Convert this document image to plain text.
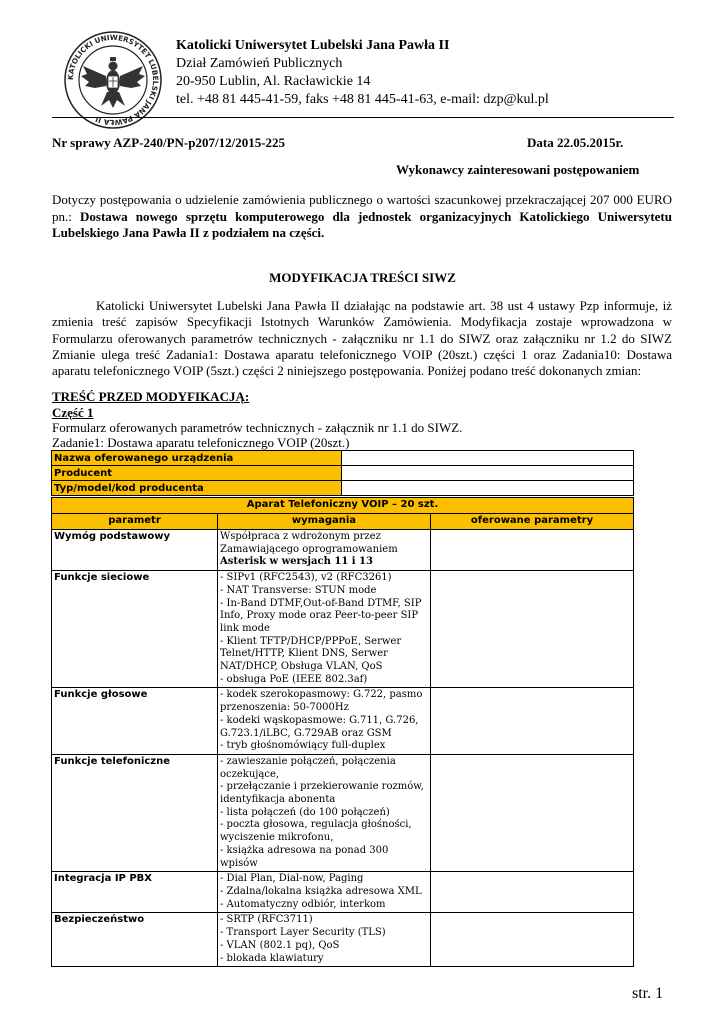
KATOLICKI UNIWERSYTET LUBELSKI JANA PAWŁA II
Katolicki Uniwersytet Lubelski Jana Pawła II
Dział Zamówień Publicznych
20-950 Lublin, Al. Racławickie 14
tel. +48 81 445-41-59, faks +48 81 445-41-63, e-mail: dzp@kul.pl
Nr sprawy AZP-240/PN-p207/12/2015-225	Data 22.05.2015r.
Wykonawcy zainteresowani postępowaniem
Dotyczy postępowania o udzielenie zamówienia publicznego o wartości szacunkowej przekraczającej 207 000 EURO pn.: Dostawa nowego sprzętu komputerowego dla jednostek organizacyjnych Katolickiego Uniwersytetu Lubelskiego Jana Pawła II z podziałem na części.
MODYFIKACJA TREŚCI SIWZ
Katolicki Uniwersytet Lubelski Jana Pawła II działając na podstawie art. 38 ust 4 ustawy Pzp informuje, iż zmienia treść zapisów Specyfikacji Istotnych Warunków Zamówienia. Modyfikacja zostaje wprowadzona w Formularzu oferowanych parametrów technicznych - załączniku nr 1.1 do SIWZ oraz załączniku nr 1.2 do SIWZ Zmianie ulega treść Zadania1: Dostawa aparatu telefonicznego VOIP (20szt.) części 1 oraz Zadania10: Dostawa aparatu telefonicznego VOIP (5szt.) części 2 niniejszego postępowania. Poniżej podano treść dokonanych zmian:
TREŚĆ PRZED MODYFIKACJĄ:
Część 1
Formularz oferowanych parametrów technicznych - załącznik nr 1.1 do SIWZ.
Zadanie1: Dostawa aparatu telefonicznego VOIP (20szt.)
Nazwa oferowanego urządzenia	
Producent	
Typ/model/kod producenta	
Aparat Telefoniczny VOIP – 20 szt.		
parametr	wymagania	oferowane parametry
Wymóg podstawowy	Współpraca z wdrożonym przez Zamawiającego oprogramowaniem
Asterisk w wersjach 11 i 13	

Funkcje sieciowe	- SIPv1 (RFC2543), v2 (RFC3261)
- NAT Transverse: STUN mode
- In-Band DTMF,Out-of-Band DTMF, SIP Info, Proxy mode oraz Peer-to-peer SIP link mode
- Klient TFTP/DHCP/PPPoE, Serwer Telnet/HTTP, Klient DNS, Serwer NAT/DHCP, Obsługa VLAN, QoS
- obsługa PoE (IEEE 802.3af)	

Funkcje głosowe	- kodek szerokopasmowy: G.722, pasmo przenoszenia: 50-7000Hz
- kodeki wąskopasmowe: G.711, G.726, G.723.1/iLBC, G.729AB oraz GSM
- tryb głośnomówiący full-duplex	

Funkcje telefoniczne	- zawieszanie połączeń, połączenia oczekujące,
- przełączanie i przekierowanie rozmów, identyfikacja abonenta
- lista połączeń (do 100 połączeń)
- poczta głosowa, regulacja głośności, wyciszenie mikrofonu,
- książka adresowa na ponad 300 wpisów	

Integracja IP PBX	- Dial Plan, Dial-now, Paging
- Zdalna/lokalna książka adresowa XML
- Automatyczny odbiór, interkom	

Bezpieczeństwo	- SRTP (RFC3711)
- Transport Layer Security (TLS)
- VLAN (802.1 pq), QoS
- blokada klawiatury	

str. 1
